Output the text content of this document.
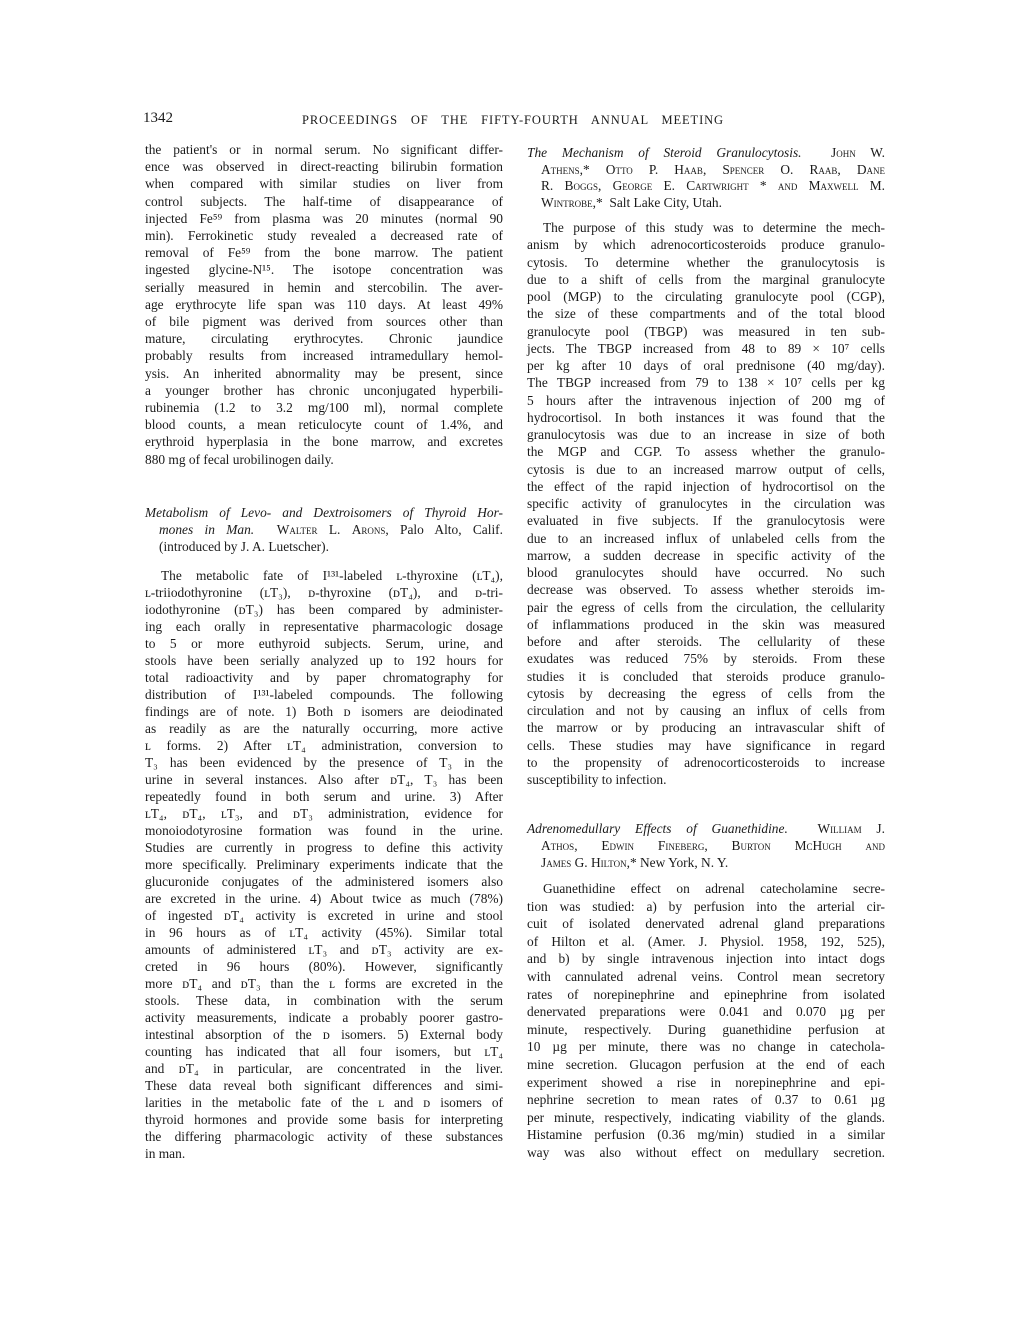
1342	PROCEEDINGS OF THE FIFTY-FOURTH ANNUAL MEETING
the patient's or in normal serum. No significant differ-
ence was observed in direct-reacting bilirubin formation
when compared with similar studies on liver from
control subjects. The half-time of disappearance of
injected Fe⁵⁹ from plasma was 20 minutes (normal 90
min). Ferrokinetic study revealed a decreased rate of
removal of Fe⁵⁹ from the bone marrow. The patient
ingested glycine-N¹⁵. The isotope concentration was
serially measured in hemin and stercobilin. The aver-
age erythrocyte life span was 110 days. At least 49%
of bile pigment was derived from sources other than
mature, circulating erythrocytes. Chronic jaundice
probably results from increased intramedullary hemol-
ysis. An inherited abnormality may be present, since
a younger brother has chronic unconjugated hyperbili-
rubinemia (1.2 to 3.2 mg/100 ml), normal complete
blood counts, a mean reticulocyte count of 1.4%, and
erythroid hyperplasia in the bone marrow, and excretes
880 mg of fecal urobilinogen daily.
Metabolism of Levo- and Dextroisomers of Thyroid Hor-
mones in Man. Walter L. Arons, Palo Alto, Calif.
(introduced by J. A. Luetscher).
The metabolic fate of I¹³¹-labeled ʟ-thyroxine (ʟT₄),
ʟ-triiodothyronine (ʟT₃), ᴅ-thyroxine (ᴅT₄), and ᴅ-tri-
iodothyronine (ᴅT₃) has been compared by administer-
ing each orally in representative pharmacologic dosage
to 5 or more euthyroid subjects. Serum, urine, and
stools have been serially analyzed up to 192 hours for
total radioactivity and by paper chromatography for
distribution of I¹³¹-labeled compounds. The following
findings are of note. 1) Both ᴅ isomers are deiodinated
as readily as are the naturally occurring, more active
ʟ forms. 2) After ʟT₄ administration, conversion to
T₃ has been evidenced by the presence of T₃ in the
urine in several instances. Also after ᴅT₄, T₃ has been
repeatedly found in both serum and urine. 3) After
ʟT₄, ᴅT₄, ʟT₃, and ᴅT₃ administration, evidence for
monoiodotyrosine formation was found in the urine.
Studies are currently in progress to define this activity
more specifically. Preliminary experiments indicate that the
glucuronide conjugates of the administered isomers also
are excreted in the urine. 4) About twice as much (78%)
of ingested ᴅT₄ activity is excreted in urine and stool
in 96 hours as of ʟT₄ activity (45%). Similar total
amounts of administered ʟT₃ and ᴅT₃ activity are ex-
creted in 96 hours (80%). However, significantly
more ᴅT₄ and ᴅT₃ than the ʟ forms are excreted in the
stools. These data, in combination with the serum
activity measurements, indicate a probably poorer gastro-
intestinal absorption of the ᴅ isomers. 5) External body
counting has indicated that all four isomers, but ʟT₄
and ᴅT₄ in particular, are concentrated in the liver.
These data reveal both significant differences and simi-
larities in the metabolic fate of the ʟ and ᴅ isomers of
thyroid hormones and provide some basis for interpreting
the differing pharmacologic activity of these substances
in man.
The Mechanism of Steroid Granulocytosis. John W.
Athens,* Otto P. Haab, Spencer O. Raab, Dane
R. Boggs, George E. Cartwright * and Maxwell M.
Wintrobe,*  Salt Lake City, Utah.
The purpose of this study was to determine the mech-
anism by which adrenocorticosteroids produce granulo-
cytosis. To determine whether the granulocytosis is
due to a shift of cells from the marginal granulocyte
pool (MGP) to the circulating granulocyte pool (CGP),
the size of these compartments and of the total blood
granulocyte pool (TBGP) was measured in ten sub-
jects. The TBGP increased from 48 to 89 × 10⁷ cells
per kg after 10 days of oral prednisone (40 mg/day).
The TBGP increased from 79 to 138 × 10⁷ cells per kg
5 hours after the intravenous injection of 200 mg of
hydrocortisol. In both instances it was found that the
granulocytosis was due to an increase in size of both
the MGP and CGP. To assess whether the granulo-
cytosis is due to an increased marrow output of cells,
the effect of the rapid injection of hydrocortisol on the
specific activity of granulocytes in the circulation was
evaluated in five subjects. If the granulocytosis were
due to an increased influx of unlabeled cells from the
marrow, a sudden decrease in specific activity of the
blood granulocytes should have occurred. No such
decrease was observed. To assess whether steroids im-
pair the egress of cells from the circulation, the cellularity
of inflammations produced in the skin was measured
before and after steroids. The cellularity of these
exudates was reduced 75% by steroids. From these
studies it is concluded that steroids produce granulo-
cytosis by decreasing the egress of cells from the
circulation and not by causing an influx of cells from
the marrow or by producing an intravascular shift of
cells. These studies may have significance in regard
to the propensity of adrenocorticosteroids to increase
susceptibility to infection.
Adrenomedullary Effects of Guanethidine. William J.
Athos, Edwin Fineberg, Burton McHugh and
James G. Hilton,* New York, N. Y.
Guanethidine effect on adrenal catecholamine secre-
tion was studied: a) by perfusion into the arterial cir-
cuit of isolated denervated adrenal gland preparations
of Hilton et al. (Amer. J. Physiol. 1958, 192, 525),
and b) by single intravenous injection into intact dogs
with cannulated adrenal veins. Control mean secretory
rates of norepinephrine and epinephrine from isolated
denervated preparations were 0.041 and 0.070 µg per
minute, respectively. During guanethidine perfusion at
10 µg per minute, there was no change in catechola-
mine secretion. Glucagon perfusion at the end of each
experiment showed a rise in norepinephrine and epi-
nephrine secretion to mean rates of 0.37 to 0.61 µg
per minute, respectively, indicating viability of the glands.
Histamine perfusion (0.36 mg/min) studied in a similar
way was also without effect on medullary secretion.
